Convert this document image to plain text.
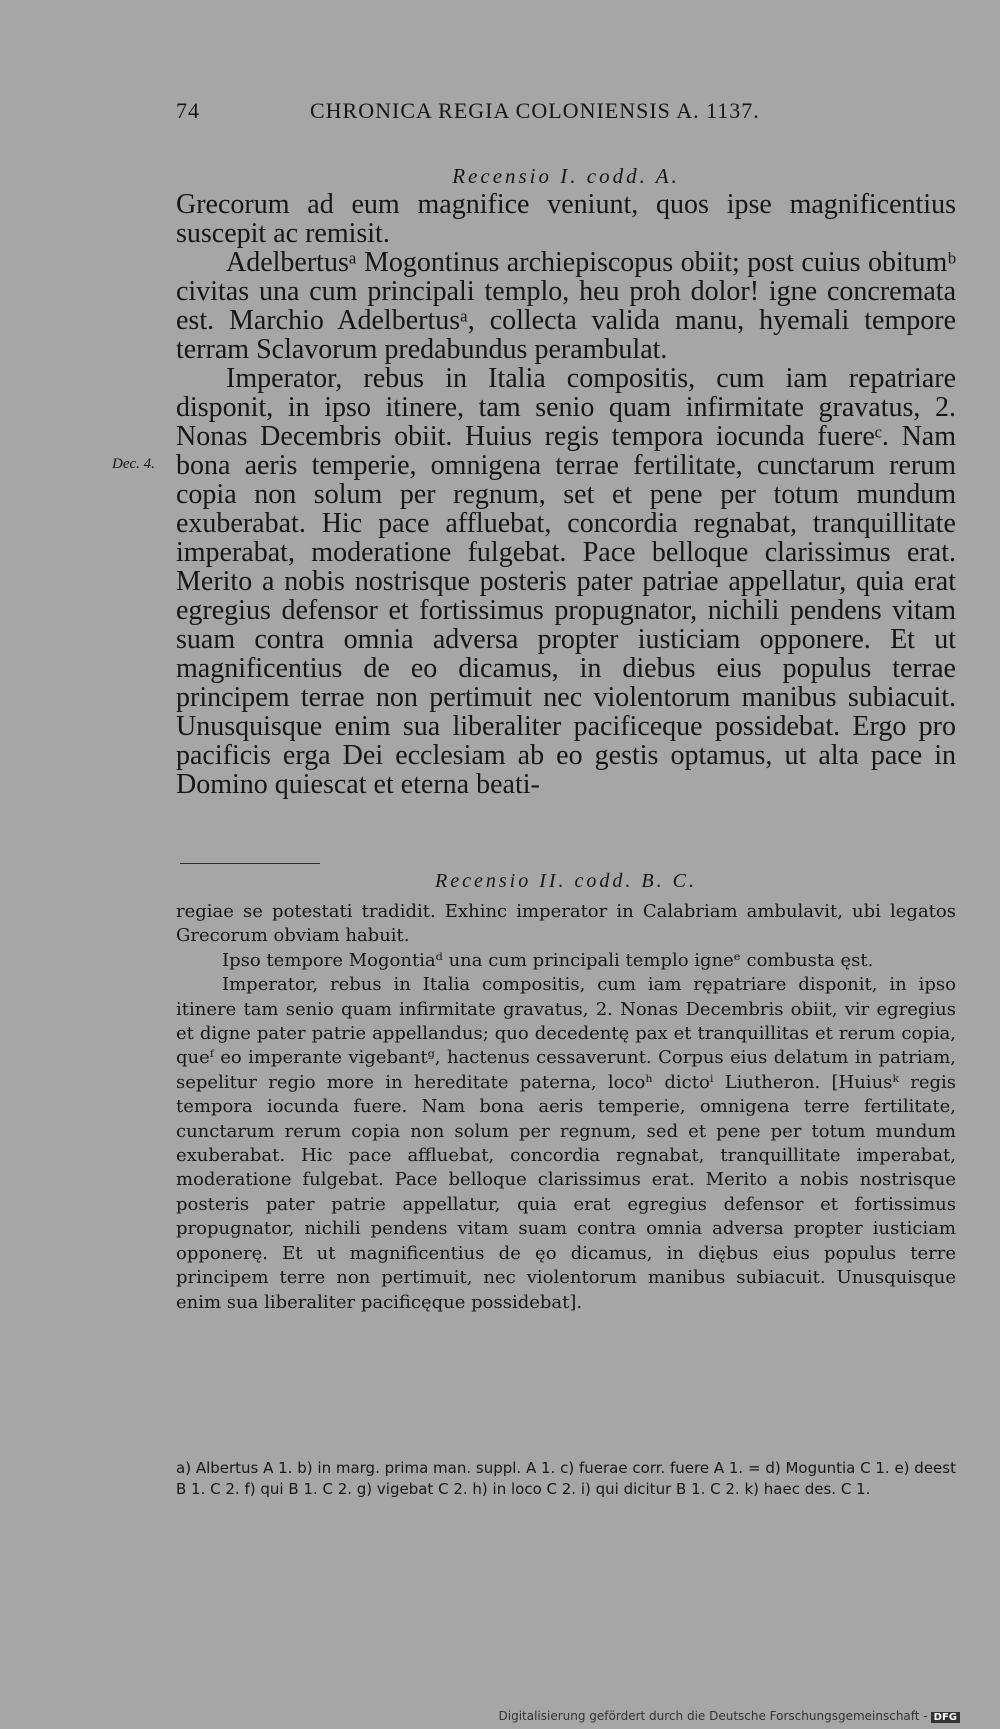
74	CHRONICA REGIA COLONIENSIS A. 1137.
Recensio I. codd. A.
Dec. 4.

Grecorum ad eum magnifice veniunt, quos ipse magnificentius suscepit ac remisit.

Adelbertusᵃ Mogontinus archiepiscopus obiit; post cuius obitumᵇ civitas una cum principali templo, heu proh dolor! igne concremata est. Marchio Adelbertusᵃ, collecta valida manu, hyemali tempore terram Sclavorum predabundus perambulat.

Imperator, rebus in Italia compositis, cum iam repatriare disponit, in ipso itinere, tam senio quam infirmitate gravatus, 2. Nonas Decembris obiit. Huius regis tempora iocunda fuereᶜ. Nam bona aeris temperie, omnigena terrae fertilitate, cunctarum rerum copia non solum per regnum, set et pene per totum mundum exuberabat. Hic pace affluebat, concordia regnabat, tranquillitate imperabat, moderatione fulgebat. Pace belloque clarissimus erat. Merito a nobis nostrisque posteris pater patriae appellatur, quia erat egregius defensor et fortissimus propugnator, nichili pendens vitam suam contra omnia adversa propter iusticiam opponere. Et ut magnificentius de eo dicamus, in diebus eius populus terrae principem terrae non pertimuit nec violentorum manibus subiacuit. Unusquisque enim sua liberaliter pacificeque possidebat. Ergo pro pacificis erga Dei ecclesiam ab eo gestis optamus, ut alta pace in Domino quiescat et eterna beati-

Recensio II. codd. B. C.

regiae se potestati tradidit. Exhinc imperator in Calabriam ambulavit, ubi legatos Grecorum obviam habuit.

Ipso tempore Mogontiaᵈ una cum principali templo igneᵉ combusta ęst.

Imperator, rebus in Italia compositis, cum iam rępatriare disponit, in ipso itinere tam senio quam infirmitate gravatus, 2. Nonas Decembris obiit, vir egregius et digne pater patrie appellandus; quo decedentę pax et tranquillitas et rerum copia, queᶠ eo imperante vigebantᵍ, hactenus cessaverunt. Corpus eius delatum in patriam, sepelitur regio more in hereditate paterna, locoʰ dictoⁱ Liutheron. [Huiusᵏ regis tempora iocunda fuere. Nam bona aeris temperie, omnigena terre fertilitate, cunctarum rerum copia non solum per regnum, sed et pene per totum mundum exuberabat. Hic pace affluebat, concordia regnabat, tranquillitate imperabat, moderatione fulgebat. Pace belloque clarissimus erat. Merito a nobis nostrisque posteris pater patrie appellatur, quia erat egregius defensor et fortissimus propugnator, nichili pendens vitam suam contra omnia adversa propter iusticiam opponerę. Et ut magnificentius de ęo dicamus, in diębus eius populus terre principem terre non pertimuit, nec violentorum manibus subiacuit. Unusquisque enim sua liberaliter pacificęque possidebat].

a) Albertus A 1. b) in marg. prima man. suppl. A 1. c) fuerae corr. fuere A 1. = d) Moguntia C 1. e) deest B 1. C 2. f) qui B 1. C 2. g) vigebat C 2. h) in loco C 2. i) qui dicitur B 1. C 2. k) haec des. C 1.
Digitalisierung gefördert durch die Deutsche Forschungsgemeinschaft - DFG
